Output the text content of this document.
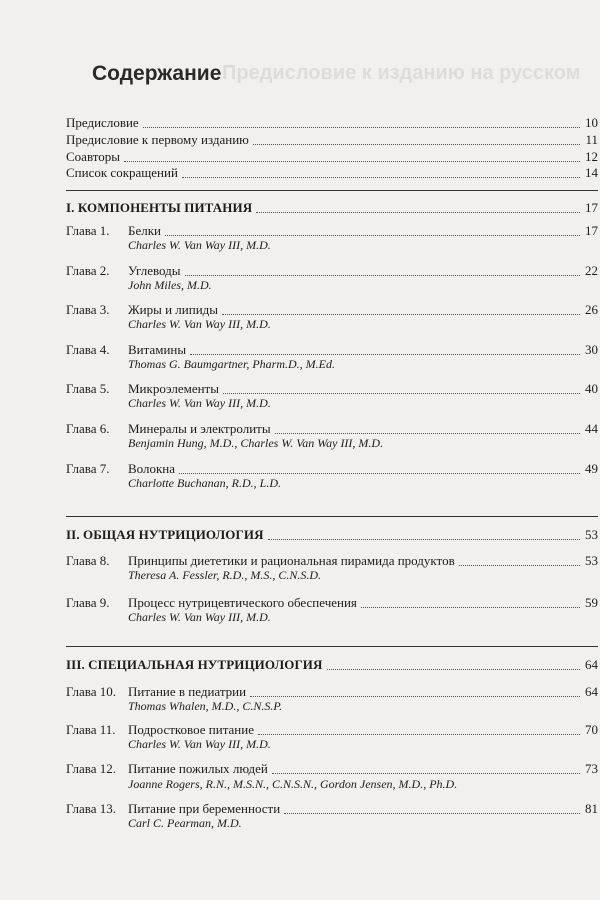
Предисловие к изданию на русском
Содержание
Предисловие	10
Предисловие к первому изданию	11
Соавторы	12
Список сокращений	14
I. КОМПОНЕНТЫ ПИТАНИЯ	17
Глава 1.	Белки	17
Charles W. Van Way III, M.D.
Глава 2.	Углеводы	22
John Miles, M.D.
Глава 3.	Жиры и липиды	26
Charles W. Van Way III, M.D.
Глава 4.	Витамины	30
Thomas G. Baumgartner, Pharm.D., M.Ed.
Глава 5.	Микроэлементы	40
Charles W. Van Way III, M.D.
Глава 6.	Минералы и электролиты	44
Benjamin Hung, M.D., Charles W. Van Way III, M.D.
Глава 7.	Волокна	49
Charlotte Buchanan, R.D., L.D.
II. ОБЩАЯ НУТРИЦИОЛОГИЯ	53
Глава 8.	Принципы диететики и рациональная пирамида продуктов	53
Theresa A. Fessler, R.D., M.S., C.N.S.D.
Глава 9.	Процесс нутрицевтического обеспечения	59
Charles W. Van Way III, M.D.
III. СПЕЦИАЛЬНАЯ НУТРИЦИОЛОГИЯ	64
Глава 10. Питание в педиатрии	64
Thomas Whalen, M.D., C.N.S.P.
Глава 11. Подростковое питание	70
Charles W. Van Way III, M.D.
Глава 12. Питание пожилых людей	73
Joanne Rogers, R.N., M.S.N., C.N.S.N., Gordon Jensen, M.D., Ph.D.
Глава 13. Питание при беременности	81
Carl C. Pearman, M.D.
